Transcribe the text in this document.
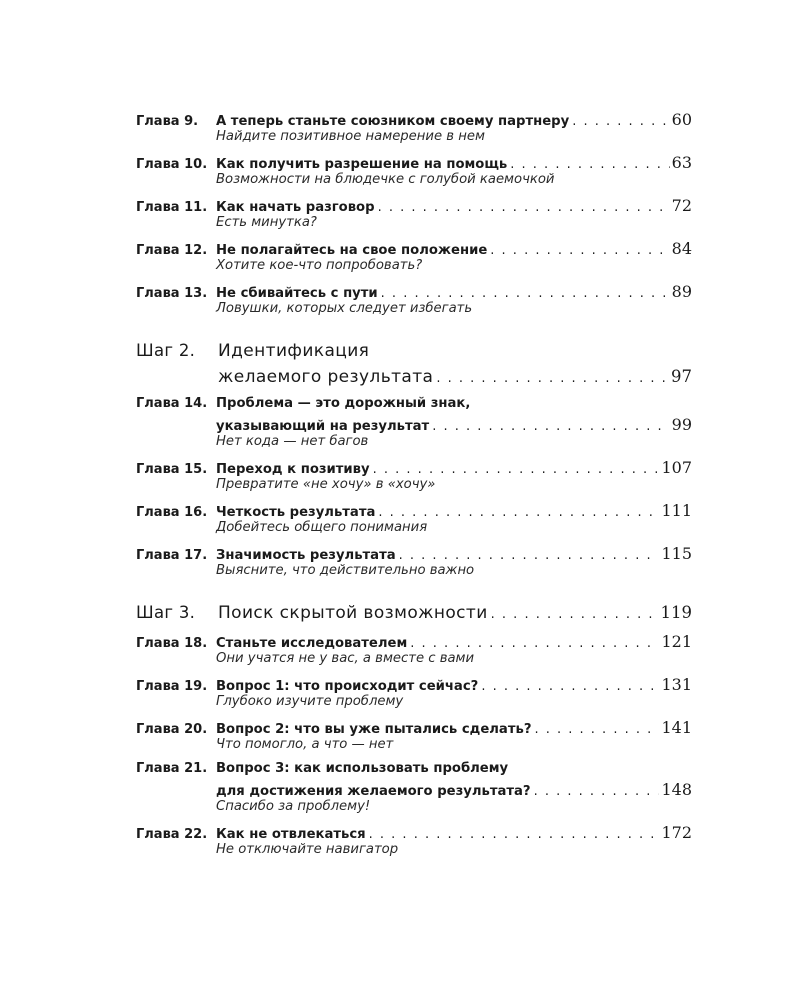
Глава 9.	А теперь станьте союзником своему партнеру . . .	60
Найдите позитивное намерение в нем
Глава 10. Как получить разрешение на помощь . . .	63
Возможности на блюдечке с голубой каемочкой
Глава 11. Как начать разговор . . .	72
Есть минутка?
Глава 12. Не полагайтесь на свое положение . . .	84
Хотите кое-что попробовать?
Глава 13. Не сбивайтесь с пути . . .	89
Ловушки, которых следует избегать
Шаг 2.	Идентификация
желаемого результата . . .	97
Глава 14. Проблема — это дорожный знак,
указывающий на результат . . .	99
Нет кода — нет багов
Глава 15. Переход к позитиву . . .	107
Превратите «не хочу» в «хочу»
Глава 16. Четкость результата . . .	111
Добейтесь общего понимания
Глава 17. Значимость результата . . .	115
Выясните, что действительно важно
Шаг 3.	Поиск скрытой возможности . . .	119
Глава 18. Станьте исследователем . . .	121
Они учатся не у вас, а вместе с вами
Глава 19. Вопрос 1: что происходит сейчас? . . .	131
Глубоко изучите проблему
Глава 20. Вопрос 2: что вы уже пытались сделать? . . .	141
Что помогло, а что — нет
Глава 21. Вопрос 3: как использовать проблему
для достижения желаемого результата? . . .	148
Спасибо за проблему!
Глава 22. Как не отвлекаться . . .	172
Не отключайте навигатор
